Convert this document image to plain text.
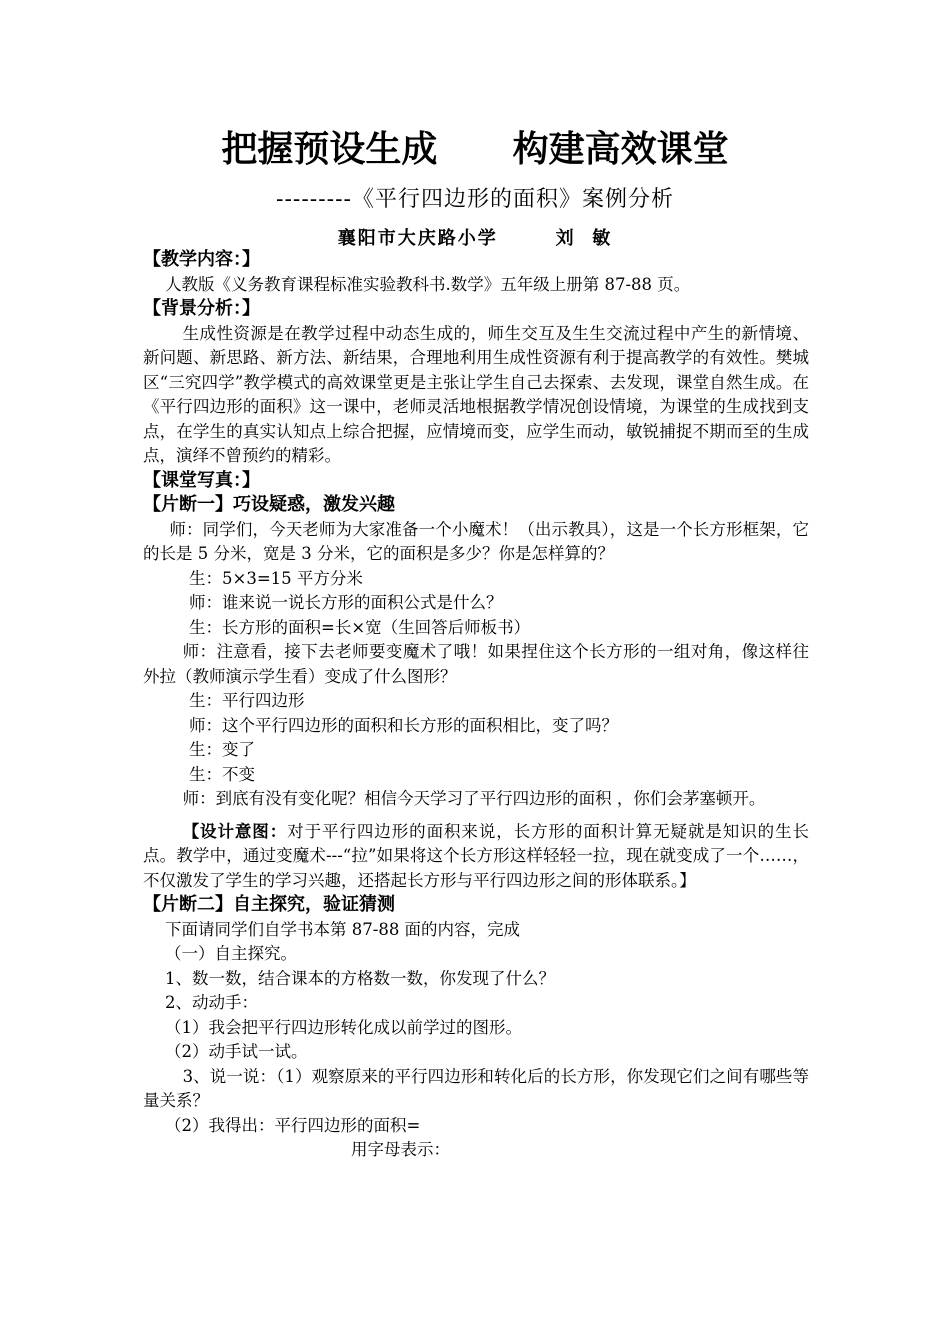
把握预设生成      构建高效课堂
---------《平行四边形的面积》案例分析
襄阳市大庆路小学       刘  敏

【教学内容：】

人教版《义务教育课程标准实验教科书.数学》五年级上册第 87-88 页。

【背景分析：】

生成性资源是在教学过程中动态生成的，师生交互及生生交流过程中产生的新情境、新问题、新思路、新方法、新结果，合理地利用生成性资源有利于提高教学的有效性。樊城区“三究四学”教学模式的高效课堂更是主张让学生自己去探索、去发现，课堂自然生成。在《平行四边形的面积》这一课中，老师灵活地根据教学情况创设情境，为课堂的生成找到支点，在学生的真实认知点上综合把握，应情境而变，应学生而动，敏锐捕捉不期而至的生成点，演绎不曾预约的精彩。

【课堂写真：】

【片断一】巧设疑惑，激发兴趣

师：同学们，今天老师为大家准备一个小魔术！（出示教具），这是一个长方形框架，它的长是 5 分米，宽是 3 分米，它的面积是多少？你是怎样算的？

生：5×3=15 平方分米

师：谁来说一说长方形的面积公式是什么？

生：长方形的面积=长×宽（生回答后师板书）

师：注意看，接下去老师要变魔术了哦！如果捏住这个长方形的一组对角，像这样往外拉（教师演示学生看）变成了什么图形？

生：平行四边形

师：这个平行四边形的面积和长方形的面积相比，变了吗？

生：变了

生：不变

师：到底有没有变化呢？相信今天学习了平行四边形的面积 ，你们会茅塞顿开。

【设计意图：对于平行四边形的面积来说，长方形的面积计算无疑就是知识的生长点。教学中，通过变魔术---“拉”如果将这个长方形这样轻轻一拉，现在就变成了一个……，不仅激发了学生的学习兴趣，还搭起长方形与平行四边形之间的形体联系。】

【片断二】自主探究，验证猜测

下面请同学们自学书本第 87-88 面的内容，完成

（一）自主探究。

1、数一数，结合课本的方格数一数，你发现了什么？

2、动动手：

（1）我会把平行四边形转化成以前学过的图形。

（2）动手试一试。

3、说一说：（1）观察原来的平行四边形和转化后的长方形，你发现它们之间有哪些等量关系？

（2）我得出：平行四边形的面积=

用字母表示：
